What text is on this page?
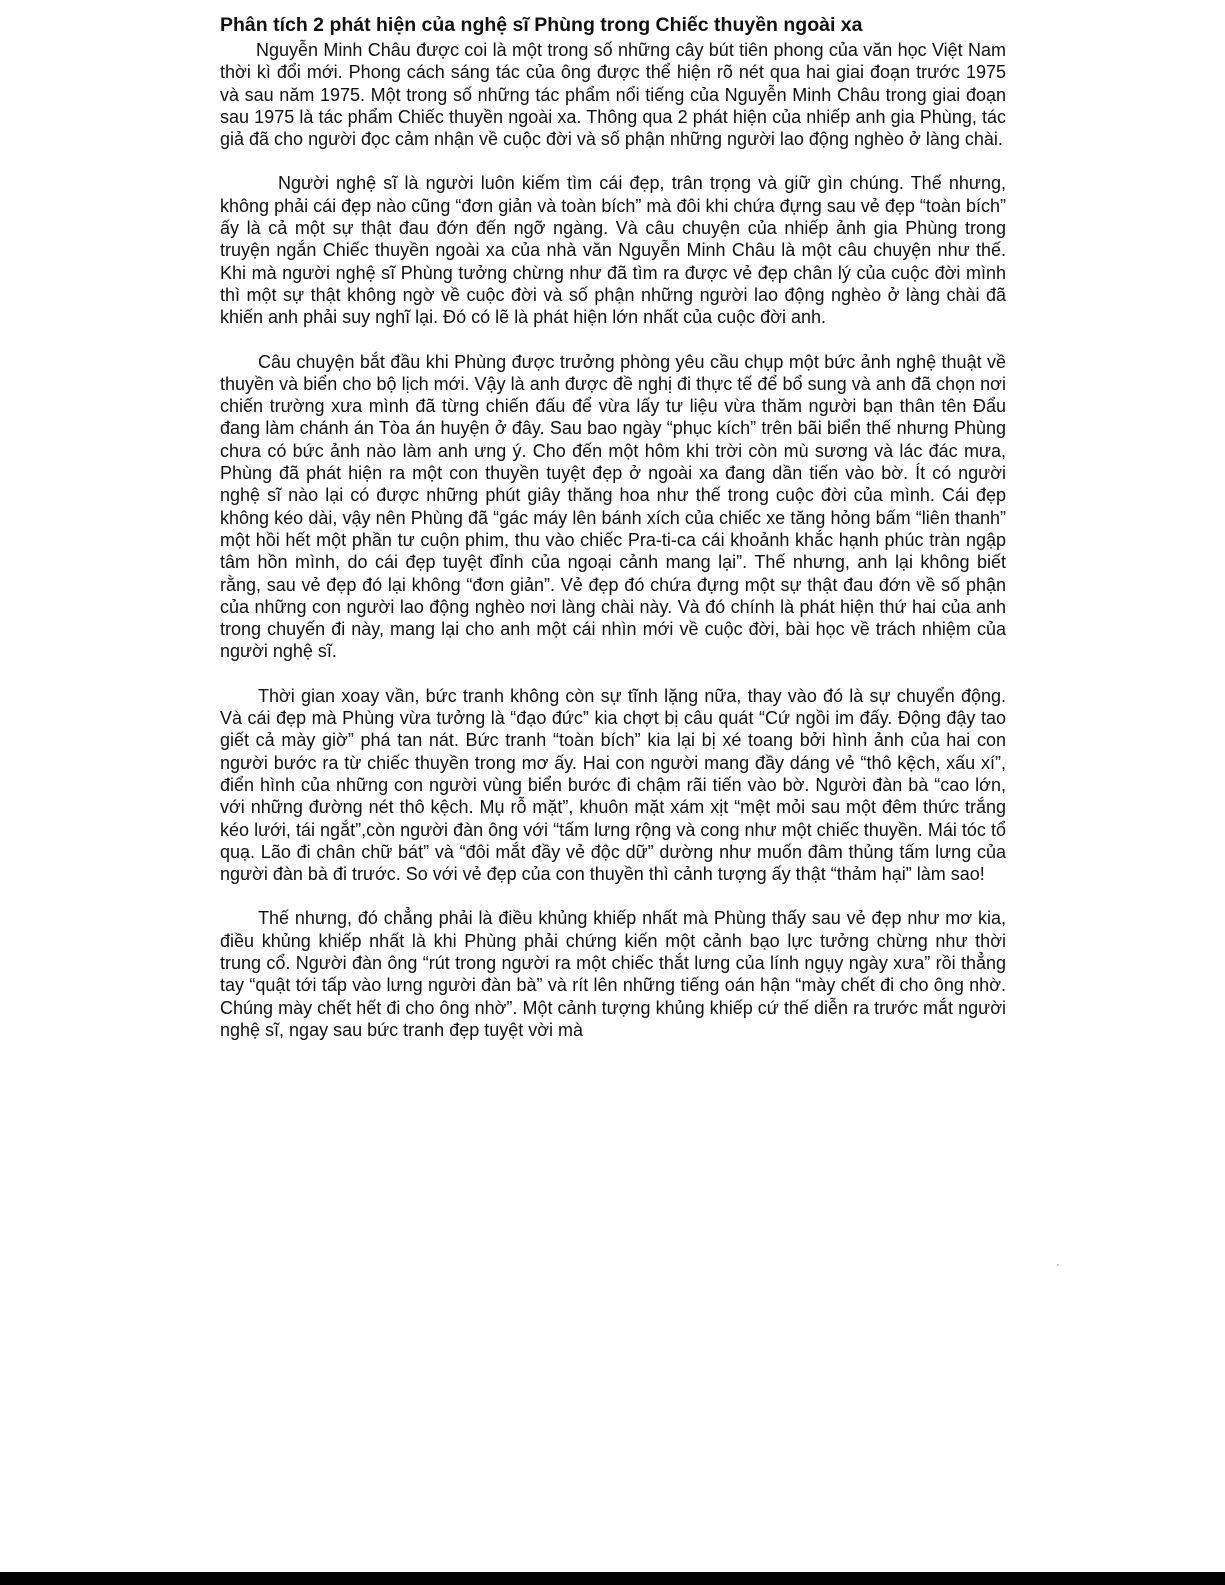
Phân tích 2 phát hiện của nghệ sĩ Phùng trong Chiếc thuyền ngoài xa

Nguyễn Minh Châu được coi là một trong số những cây bút tiên phong của văn học Việt Nam thời kì đổi mới. Phong cách sáng tác của ông được thể hiện rõ nét qua hai giai đoạn trước 1975 và sau năm 1975. Một trong số những tác phẩm nổi tiếng của Nguyễn Minh Châu trong giai đoạn sau 1975 là tác phẩm Chiếc thuyền ngoài xa. Thông qua 2 phát hiện của nhiếp anh gia Phùng, tác giả đã cho người đọc cảm nhận về cuộc đời và số phận những người lao động nghèo ở làng chài.

Người nghệ sĩ là người luôn kiếm tìm cái đẹp, trân trọng và giữ gìn chúng. Thế nhưng, không phải cái đẹp nào cũng “đơn giản và toàn bích” mà đôi khi chứa đựng sau vẻ đẹp “toàn bích” ấy là cả một sự thật đau đớn đến ngỡ ngàng. Và câu chuyện của nhiếp ảnh gia Phùng trong truyện ngắn Chiếc thuyền ngoài xa của nhà văn Nguyễn Minh Châu là một câu chuyện như thế. Khi mà người nghệ sĩ Phùng tưởng chừng như đã tìm ra được vẻ đẹp chân lý của cuộc đời mình thì một sự thật không ngờ về cuộc đời và số phận những người lao động nghèo ở làng chài đã khiến anh phải suy nghĩ lại. Đó có lẽ là phát hiện lớn nhất của cuộc đời anh.

Câu chuyện bắt đầu khi Phùng được trưởng phòng yêu cầu chụp một bức ảnh nghệ thuật về thuyền và biển cho bộ lịch mới. Vậy là anh được đề nghị đi thực tế để bổ sung và anh đã chọn nơi chiến trường xưa mình đã từng chiến đấu để vừa lấy tư liệu vừa thăm người bạn thân tên Đẩu đang làm chánh án Tòa án huyện ở đây. Sau bao ngày “phục kích” trên bãi biển thế nhưng Phùng chưa có bức ảnh nào làm anh ưng ý. Cho đến một hôm khi trời còn mù sương và lác đác mưa, Phùng đã phát hiện ra một con thuyền tuyệt đẹp ở ngoài xa đang dần tiến vào bờ. Ít có người nghệ sĩ nào lại có được những phút giây thăng hoa như thế trong cuộc đời của mình. Cái đẹp không kéo dài, vậy nên Phùng đã “gác máy lên bánh xích của chiếc xe tăng hỏng bấm “liên thanh” một hồi hết một phần tư cuộn phim, thu vào chiếc Pra-ti-ca cái khoảnh khắc hạnh phúc tràn ngập tâm hồn mình, do cái đẹp tuyệt đỉnh của ngoại cảnh mang lại”. Thế nhưng, anh lại không biết rằng, sau vẻ đẹp đó lại không “đơn giản”. Vẻ đẹp đó chứa đựng một sự thật đau đớn về số phận của những con người lao động nghèo nơi làng chài này. Và đó chính là phát hiện thứ hai của anh trong chuyến đi này, mang lại cho anh một cái nhìn mới về cuộc đời, bài học về trách nhiệm của người nghệ sĩ.

Thời gian xoay vần, bức tranh không còn sự tĩnh lặng nữa, thay vào đó là sự chuyển động. Và cái đẹp mà Phùng vừa tưởng là “đạo đức” kia chợt bị câu quát “Cứ ngồi im đấy. Động đậy tao giết cả mày giờ” phá tan nát. Bức tranh “toàn bích” kia lại bị xé toang bởi hình ảnh của hai con người bước ra từ chiếc thuyền trong mơ ấy. Hai con người mang đầy dáng vẻ “thô kệch, xấu xí”, điển hình của những con người vùng biển bước đi chậm rãi tiến vào bờ. Người đàn bà “cao lớn, với những đường nét thô kệch. Mụ rỗ mặt”, khuôn mặt xám xịt “mệt mỏi sau một đêm thức trắng kéo lưới, tái ngắt”,còn người đàn ông với “tấm lưng rộng và cong như một chiếc thuyền. Mái tóc tổ quạ. Lão đi chân chữ bát” và “đôi mắt đầy vẻ độc dữ” dường như muốn đâm thủng tấm lưng của người đàn bà đi trước. So với vẻ đẹp của con thuyền thì cảnh tượng ấy thật “thảm hại” làm sao!

Thế nhưng, đó chẳng phải là điều khủng khiếp nhất mà Phùng thấy sau vẻ đẹp như mơ kia, điều khủng khiếp nhất là khi Phùng phải chứng kiến một cảnh bạo lực tưởng chừng như thời trung cổ. Người đàn ông “rút trong người ra một chiếc thắt lưng của lính ngụy ngày xưa” rồi thẳng tay “quật tới tấp vào lưng người đàn bà” và rít lên những tiếng oán hận “mày chết đi cho ông nhờ. Chúng mày chết hết đi cho ông nhờ”. Một cảnh tượng khủng khiếp cứ thế diễn ra trước mắt người nghệ sĩ, ngay sau bức tranh đẹp tuyệt vời mà
